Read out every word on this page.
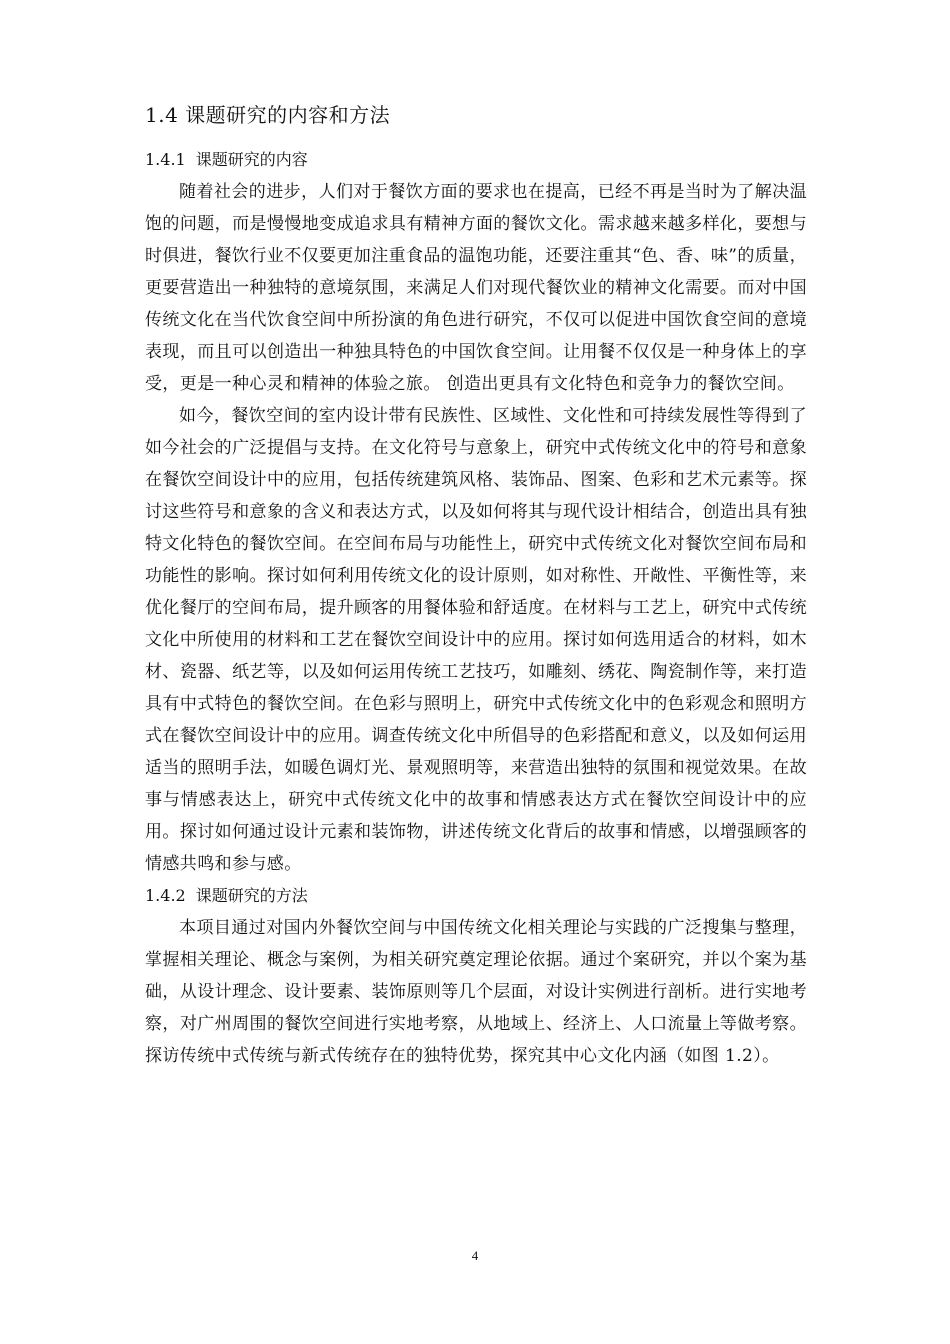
1.4 课题研究的内容和方法
1.4.1 课题研究的内容

随着社会的进步，人们对于餐饮方面的要求也在提高，已经不再是当时为了解决温饱的问题，而是慢慢地变成追求具有精神方面的餐饮文化。需求越来越多样化，要想与时俱进，餐饮行业不仅要更加注重食品的温饱功能，还要注重其“色、香、味”的质量，更要营造出一种独特的意境氛围，来满足人们对现代餐饮业的精神文化需要。而对中国传统文化在当代饮食空间中所扮演的角色进行研究，不仅可以促进中国饮食空间的意境表现，而且可以创造出一种独具特色的中国饮食空间。让用餐不仅仅是一种身体上的享受，更是一种心灵和精神的体验之旅。 创造出更具有文化特色和竞争力的餐饮空间。

如今，餐饮空间的室内设计带有民族性、区域性、文化性和可持续发展性等得到了如今社会的广泛提倡与支持。在文化符号与意象上，研究中式传统文化中的符号和意象在餐饮空间设计中的应用，包括传统建筑风格、装饰品、图案、色彩和艺术元素等。探讨这些符号和意象的含义和表达方式，以及如何将其与现代设计相结合，创造出具有独特文化特色的餐饮空间。在空间布局与功能性上，研究中式传统文化对餐饮空间布局和功能性的影响。探讨如何利用传统文化的设计原则，如对称性、开敞性、平衡性等，来优化餐厅的空间布局，提升顾客的用餐体验和舒适度。在材料与工艺上，研究中式传统文化中所使用的材料和工艺在餐饮空间设计中的应用。探讨如何选用适合的材料，如木材、瓷器、纸艺等，以及如何运用传统工艺技巧，如雕刻、绣花、陶瓷制作等，来打造具有中式特色的餐饮空间。在色彩与照明上，研究中式传统文化中的色彩观念和照明方式在餐饮空间设计中的应用。调查传统文化中所倡导的色彩搭配和意义，以及如何运用适当的照明手法，如暖色调灯光、景观照明等，来营造出独特的氛围和视觉效果。在故事与情感表达上，研究中式传统文化中的故事和情感表达方式在餐饮空间设计中的应用。探讨如何通过设计元素和装饰物，讲述传统文化背后的故事和情感，以增强顾客的情感共鸣和参与感。

1.4.2 课题研究的方法

本项目通过对国内外餐饮空间与中国传统文化相关理论与实践的广泛搜集与整理，掌握相关理论、概念与案例，为相关研究奠定理论依据。通过个案研究，并以个案为基础，从设计理念、设计要素、装饰原则等几个层面，对设计实例进行剖析。进行实地考察，对广州周围的餐饮空间进行实地考察，从地域上、经济上、人口流量上等做考察。探访传统中式传统与新式传统存在的独特优势，探究其中心文化内涵（如图 1.2）。

4
